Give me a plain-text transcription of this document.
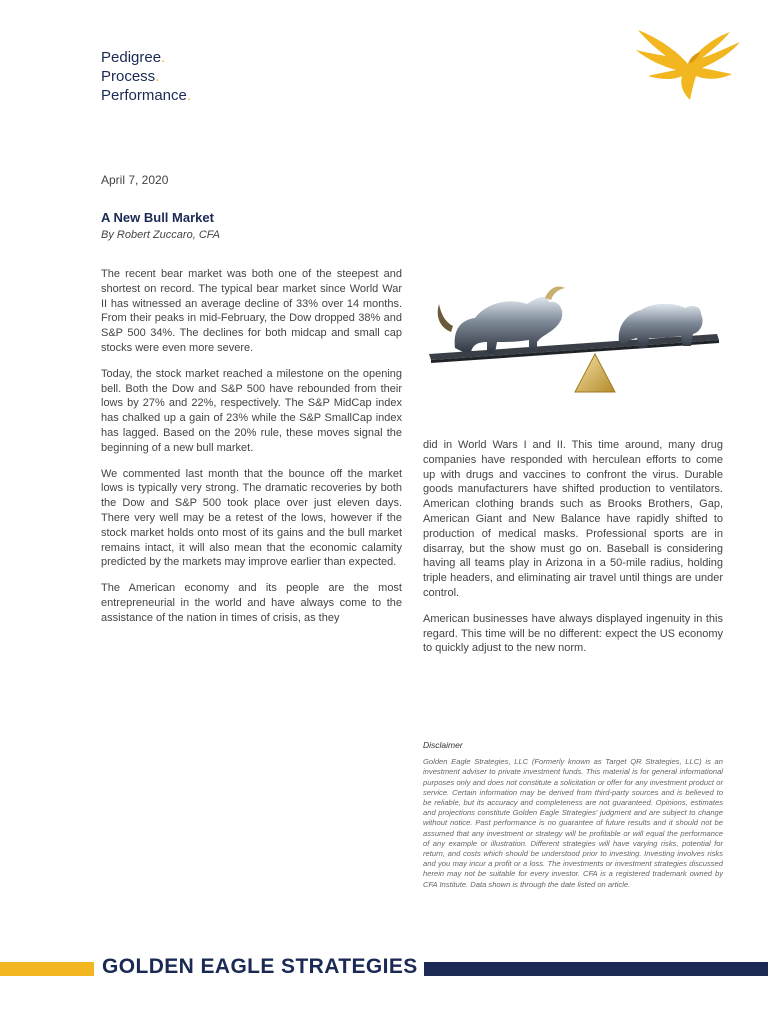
Pedigree.
Process.
Performance.
April 7, 2020
A New Bull Market
By Robert Zuccaro, CFA

The recent bear market was both one of the steepest and shortest on record. The typical bear market since World War II has witnessed an average decline of 33% over 14 months. From their peaks in mid-February, the Dow dropped 38% and S&P 500 34%. The declines for both midcap and small cap stocks were even more severe.

Today, the stock market reached a milestone on the opening bell. Both the Dow and S&P 500 have rebounded from their lows by 27% and 22%, respectively. The S&P MidCap index has chalked up a gain of 23% while the S&P SmallCap index has lagged. Based on the 20% rule, these moves signal the beginning of a new bull market.

We commented last month that the bounce off the market lows is typically very strong. The dramatic recoveries by both the Dow and S&P 500 took place over just eleven days. There very well may be a retest of the lows, however if the stock market holds onto most of its gains and the bull market remains intact, it will also mean that the economic calamity predicted by the markets may improve earlier than expected.

The American economy and its people are the most entrepreneurial in the world and have always come to the assistance of the nation in times of crisis, as they

did in World Wars I and II. This time around, many drug companies have responded with herculean efforts to come up with drugs and vaccines to confront the virus. Durable goods manufacturers have shifted production to ventilators. American clothing brands such as Brooks Brothers, Gap, American Giant and New Balance have rapidly shifted to production of medical masks. Professional sports are in disarray, but the show must go on. Baseball is considering having all teams play in Arizona in a 50-mile radius, holding triple headers, and eliminating air travel until things are under control.

American businesses have always displayed ingenuity in this regard. This time will be no different: expect the US economy to quickly adjust to the new norm.

Disclaimer
Golden Eagle Strategies, LLC (Formerly known as Target QR Strategies, LLC) is an investment adviser to private investment funds. This material is for general informational purposes only and does not constitute a solicitation or offer for any investment product or service. Certain information may be derived from third-party sources and is believed to be reliable, but its accuracy and completeness are not guaranteed. Opinions, estimates and projections constitute Golden Eagle Strategies' judgment and are subject to change without notice. Past performance is no guarantee of future results and it should not be assumed that any investment or strategy will be profitable or will equal the performance of any example or illustration. Different strategies will have varying risks, potential for return, and costs which should be understood prior to investing. Investing involves risks and you may incur a profit or a loss. The investments or investment strategies discussed herein may not be suitable for every investor. CFA is a registered trademark owned by CFA Institute. Data shown is through the date listed on article.
GOLDEN EAGLE STRATEGIES
